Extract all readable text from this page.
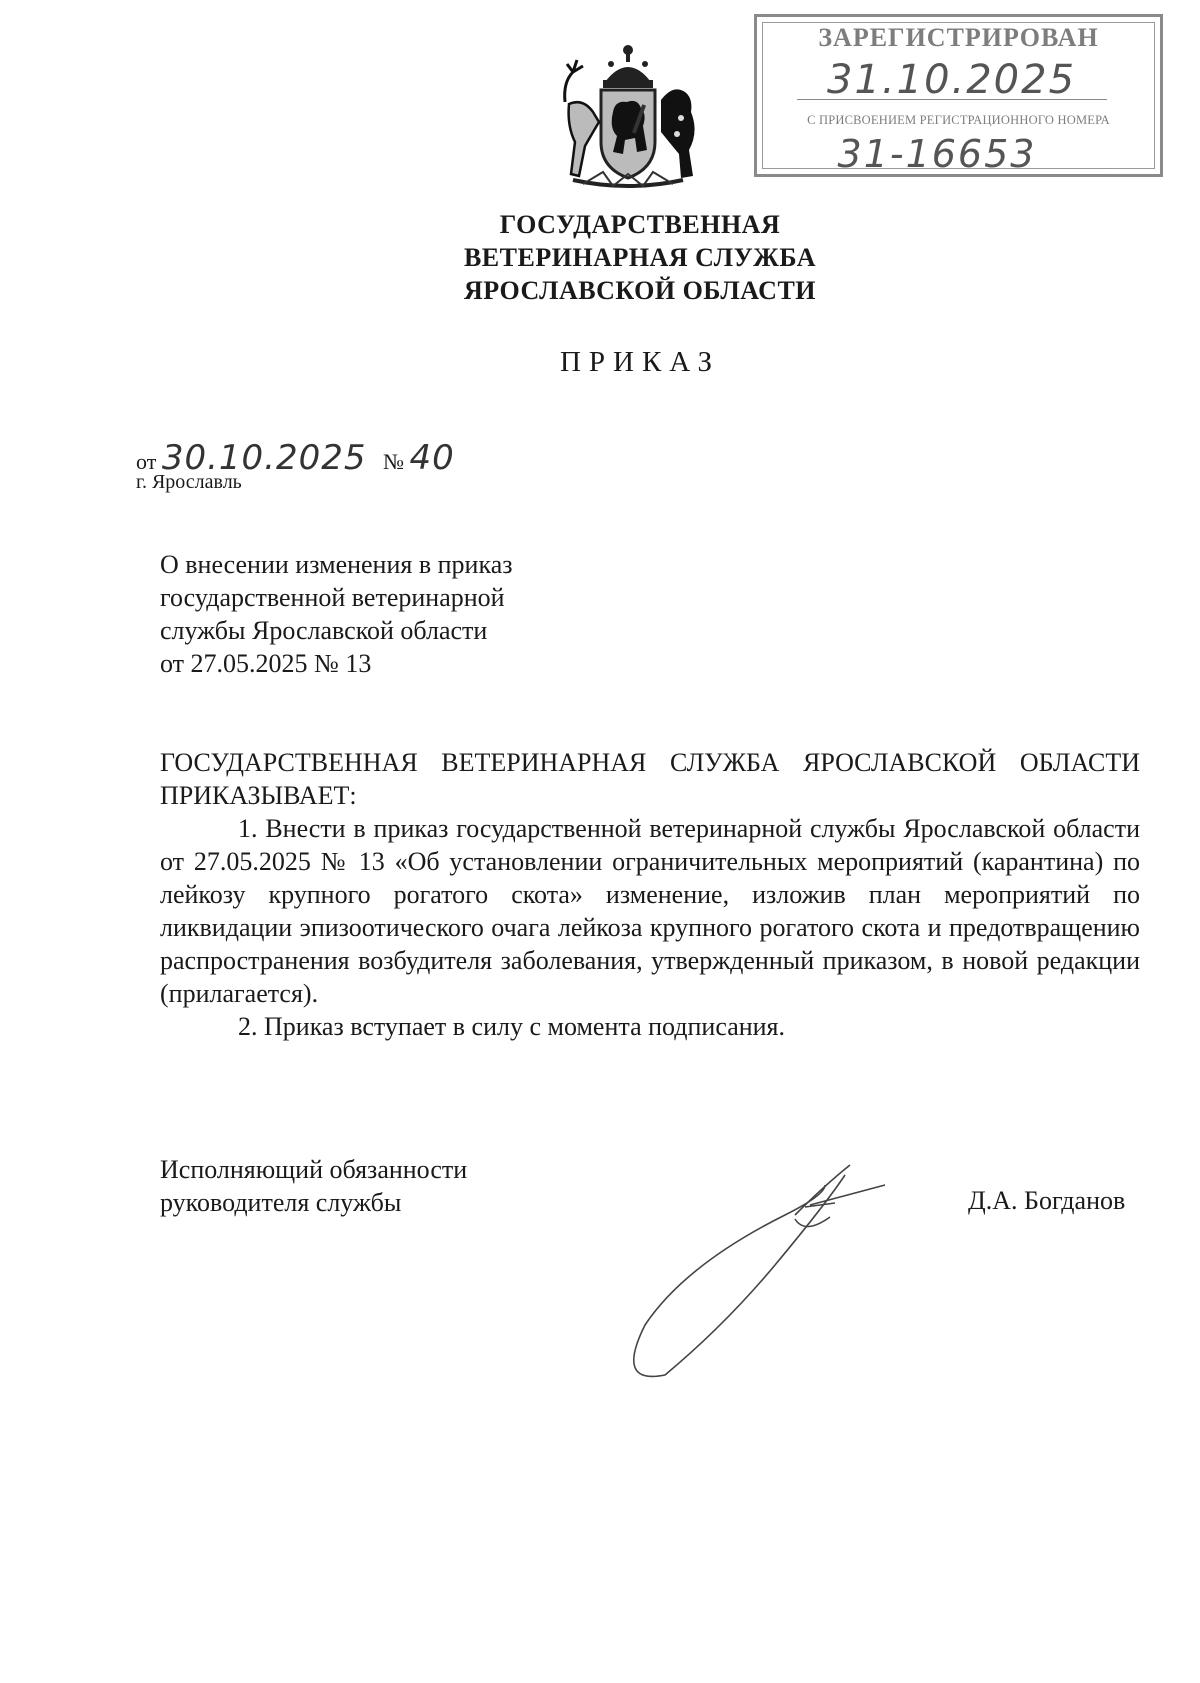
ЗАРЕГИСТРИРОВАН
31.10.2025
С ПРИСВОЕНИЕМ РЕГИСТРАЦИОННОГО НОМЕРА
31-16653
ГОСУДАРСТВЕННАЯ
ВЕТЕРИНАРНАЯ СЛУЖБА
ЯРОСЛАВСКОЙ ОБЛАСТИ
ПРИКАЗ
от 30.10.2025 № 40
г. Ярославль
О внесении изменения в приказ
государственной ветеринарной
службы Ярославской области
от 27.05.2025 № 13

ГОСУДАРСТВЕННАЯ ВЕТЕРИНАРНАЯ СЛУЖБА ЯРОСЛАВСКОЙ ОБЛАСТИ ПРИКАЗЫВАЕТ:

1. Внести в приказ государственной ветеринарной службы Ярославской области от 27.05.2025 № 13 «Об установлении ограничительных мероприятий (карантина) по лейкозу крупного рогатого скота» изменение, изложив план мероприятий по ликвидации эпизоотического очага лейкоза крупного рогатого скота и предотвращению распространения возбудителя заболевания, утвержденный приказом, в новой редакции (прилагается).

2. Приказ вступает в силу с момента подписания.

Исполняющий обязанности
руководителя службы	Д.А. Богданов
